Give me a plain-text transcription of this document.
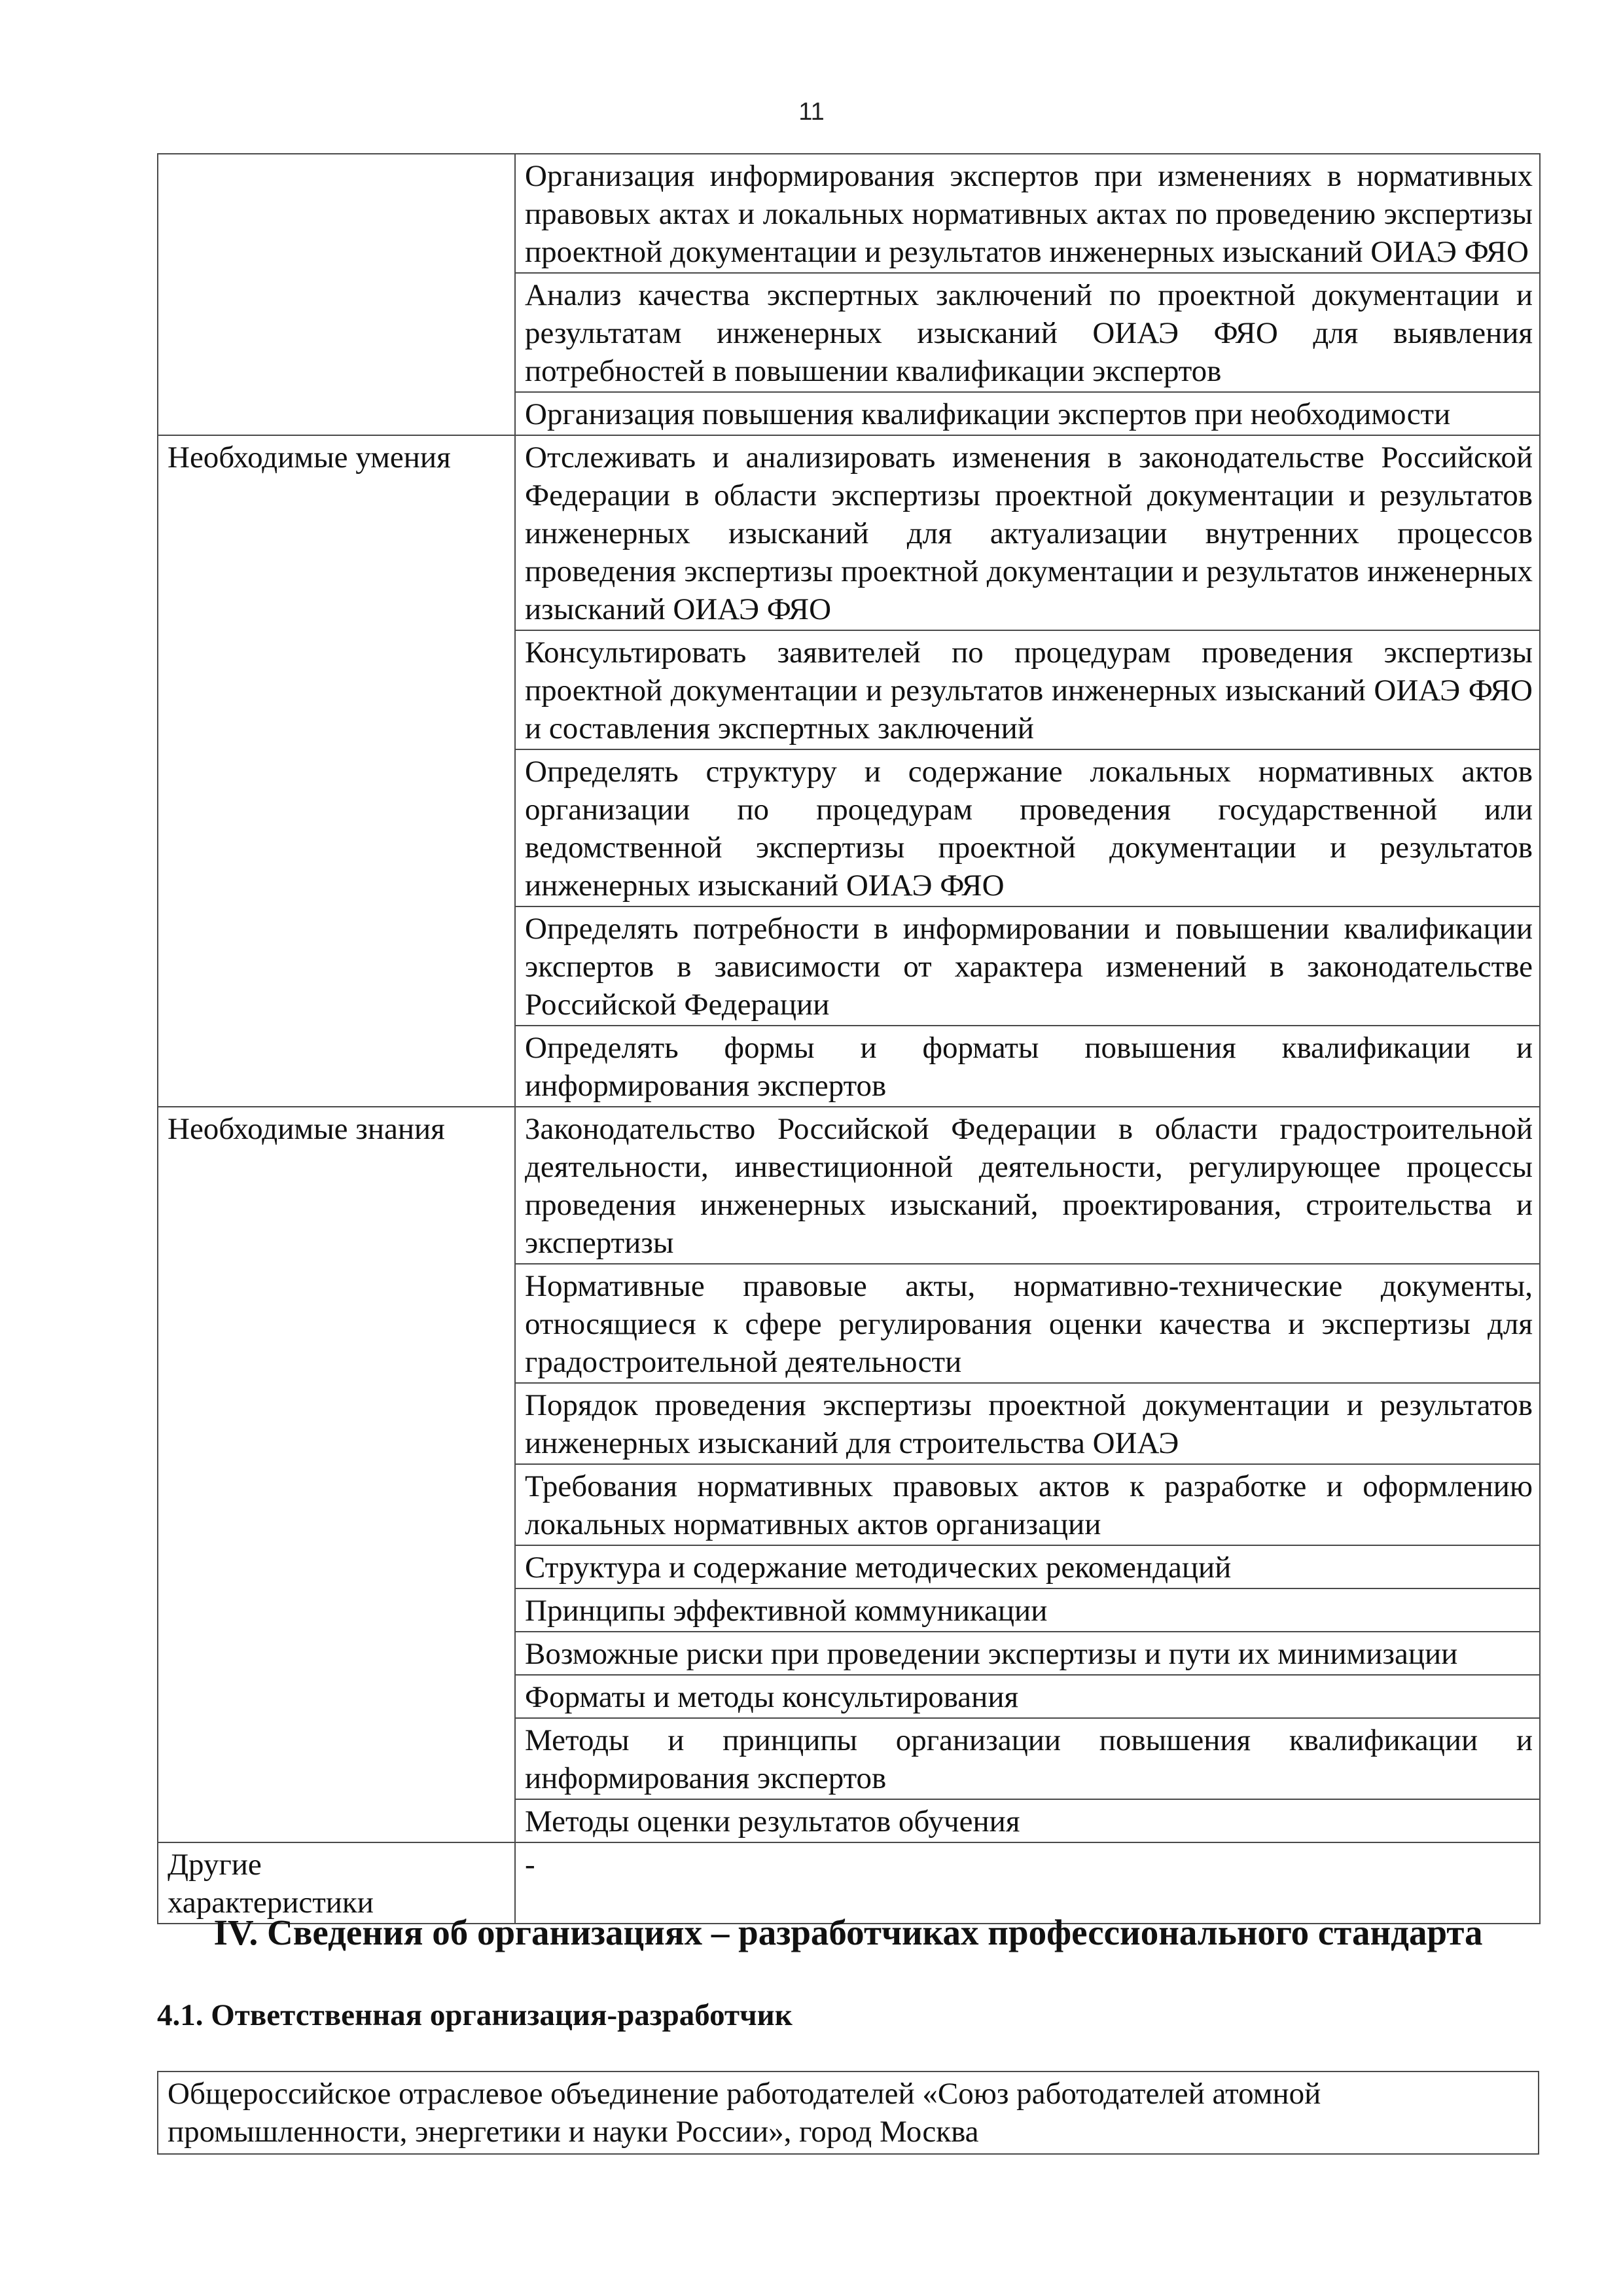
11
	Организация информирования экспертов при изменениях в нормативных правовых актах и локальных нормативных актах по проведению экспертизы проектной документации и результатов инженерных изысканий ОИАЭ ФЯО
	Анализ качества экспертных заключений по проектной документации и результатам инженерных изысканий ОИАЭ ФЯО для выявления потребностей в повышении квалификации экспертов
	Организация повышения квалификации экспертов при необходимости
Необходимые умения	Отслеживать и анализировать изменения в законодательстве Российской Федерации в области экспертизы проектной документации и результатов инженерных изысканий для актуализации внутренних процессов проведения экспертизы проектной документации и результатов инженерных изысканий ОИАЭ ФЯО
	Консультировать заявителей по процедурам проведения экспертизы проектной документации и результатов инженерных изысканий ОИАЭ ФЯО и составления экспертных заключений
	Определять структуру и содержание локальных нормативных актов организации по процедурам проведения государственной или ведомственной экспертизы проектной документации и результатов инженерных изысканий ОИАЭ ФЯО
	Определять потребности в информировании и повышении квалификации экспертов в зависимости от характера изменений в законодательстве Российской Федерации
	Определять формы и форматы повышения квалификации и информирования экспертов
Необходимые знания	Законодательство Российской Федерации в области градостроительной деятельности, инвестиционной деятельности, регулирующее процессы проведения инженерных изысканий, проектирования, строительства и экспертизы
	Нормативные правовые акты, нормативно-технические документы, относящиеся к сфере регулирования оценки качества и экспертизы для градостроительной деятельности
	Порядок проведения экспертизы проектной документации и результатов инженерных изысканий для строительства ОИАЭ
	Требования нормативных правовых актов к разработке и оформлению локальных нормативных актов организации
	Структура и содержание методических рекомендаций
	Принципы эффективной коммуникации
	Возможные риски при проведении экспертизы и пути их минимизации
	Форматы и методы консультирования
	Методы и принципы организации повышения квалификации и информирования экспертов
	Методы оценки результатов обучения

Другие
характеристики	-
IV. Сведения об организациях – разработчиках профессионального стандарта
4.1. Ответственная организация-разработчик
Общероссийское отраслевое объединение работодателей «Союз работодателей атомной
промышленности, энергетики и науки России», город Москва
